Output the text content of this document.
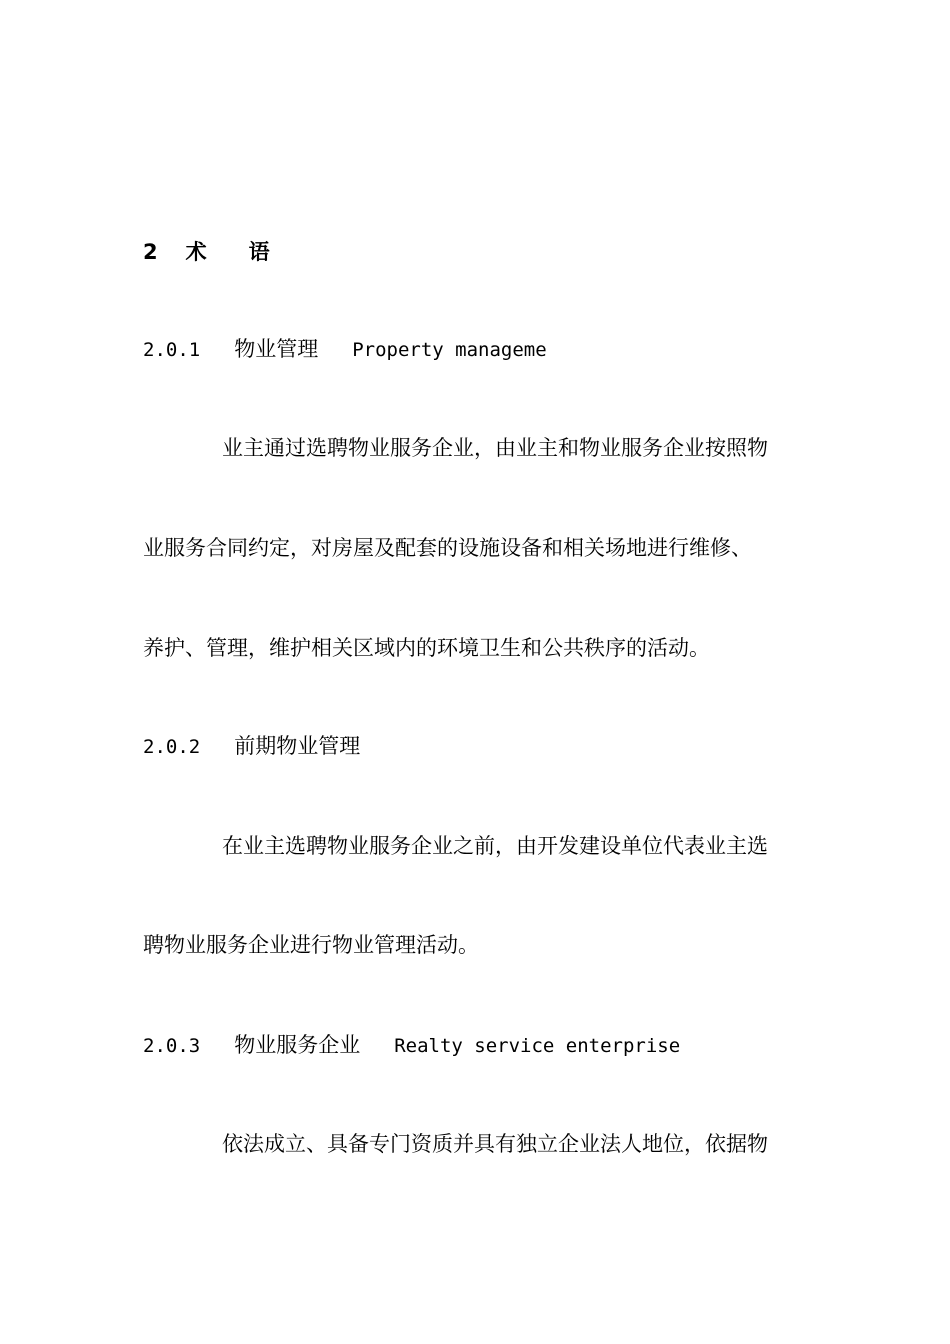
2 术　　语
2.0.1 物业管理 Property manageme
业主通过选聘物业服务企业，由业主和物业服务企业按照物
业服务合同约定，对房屋及配套的设施设备和相关场地进行维修、
养护、管理，维护相关区域内的环境卫生和公共秩序的活动。
2.0.2 前期物业管理
在业主选聘物业服务企业之前，由开发建设单位代表业主选
聘物业服务企业进行物业管理活动。
2.0.3 物业服务企业 Realty service enterprise
依法成立、具备专门资质并具有独立企业法人地位，依据物
